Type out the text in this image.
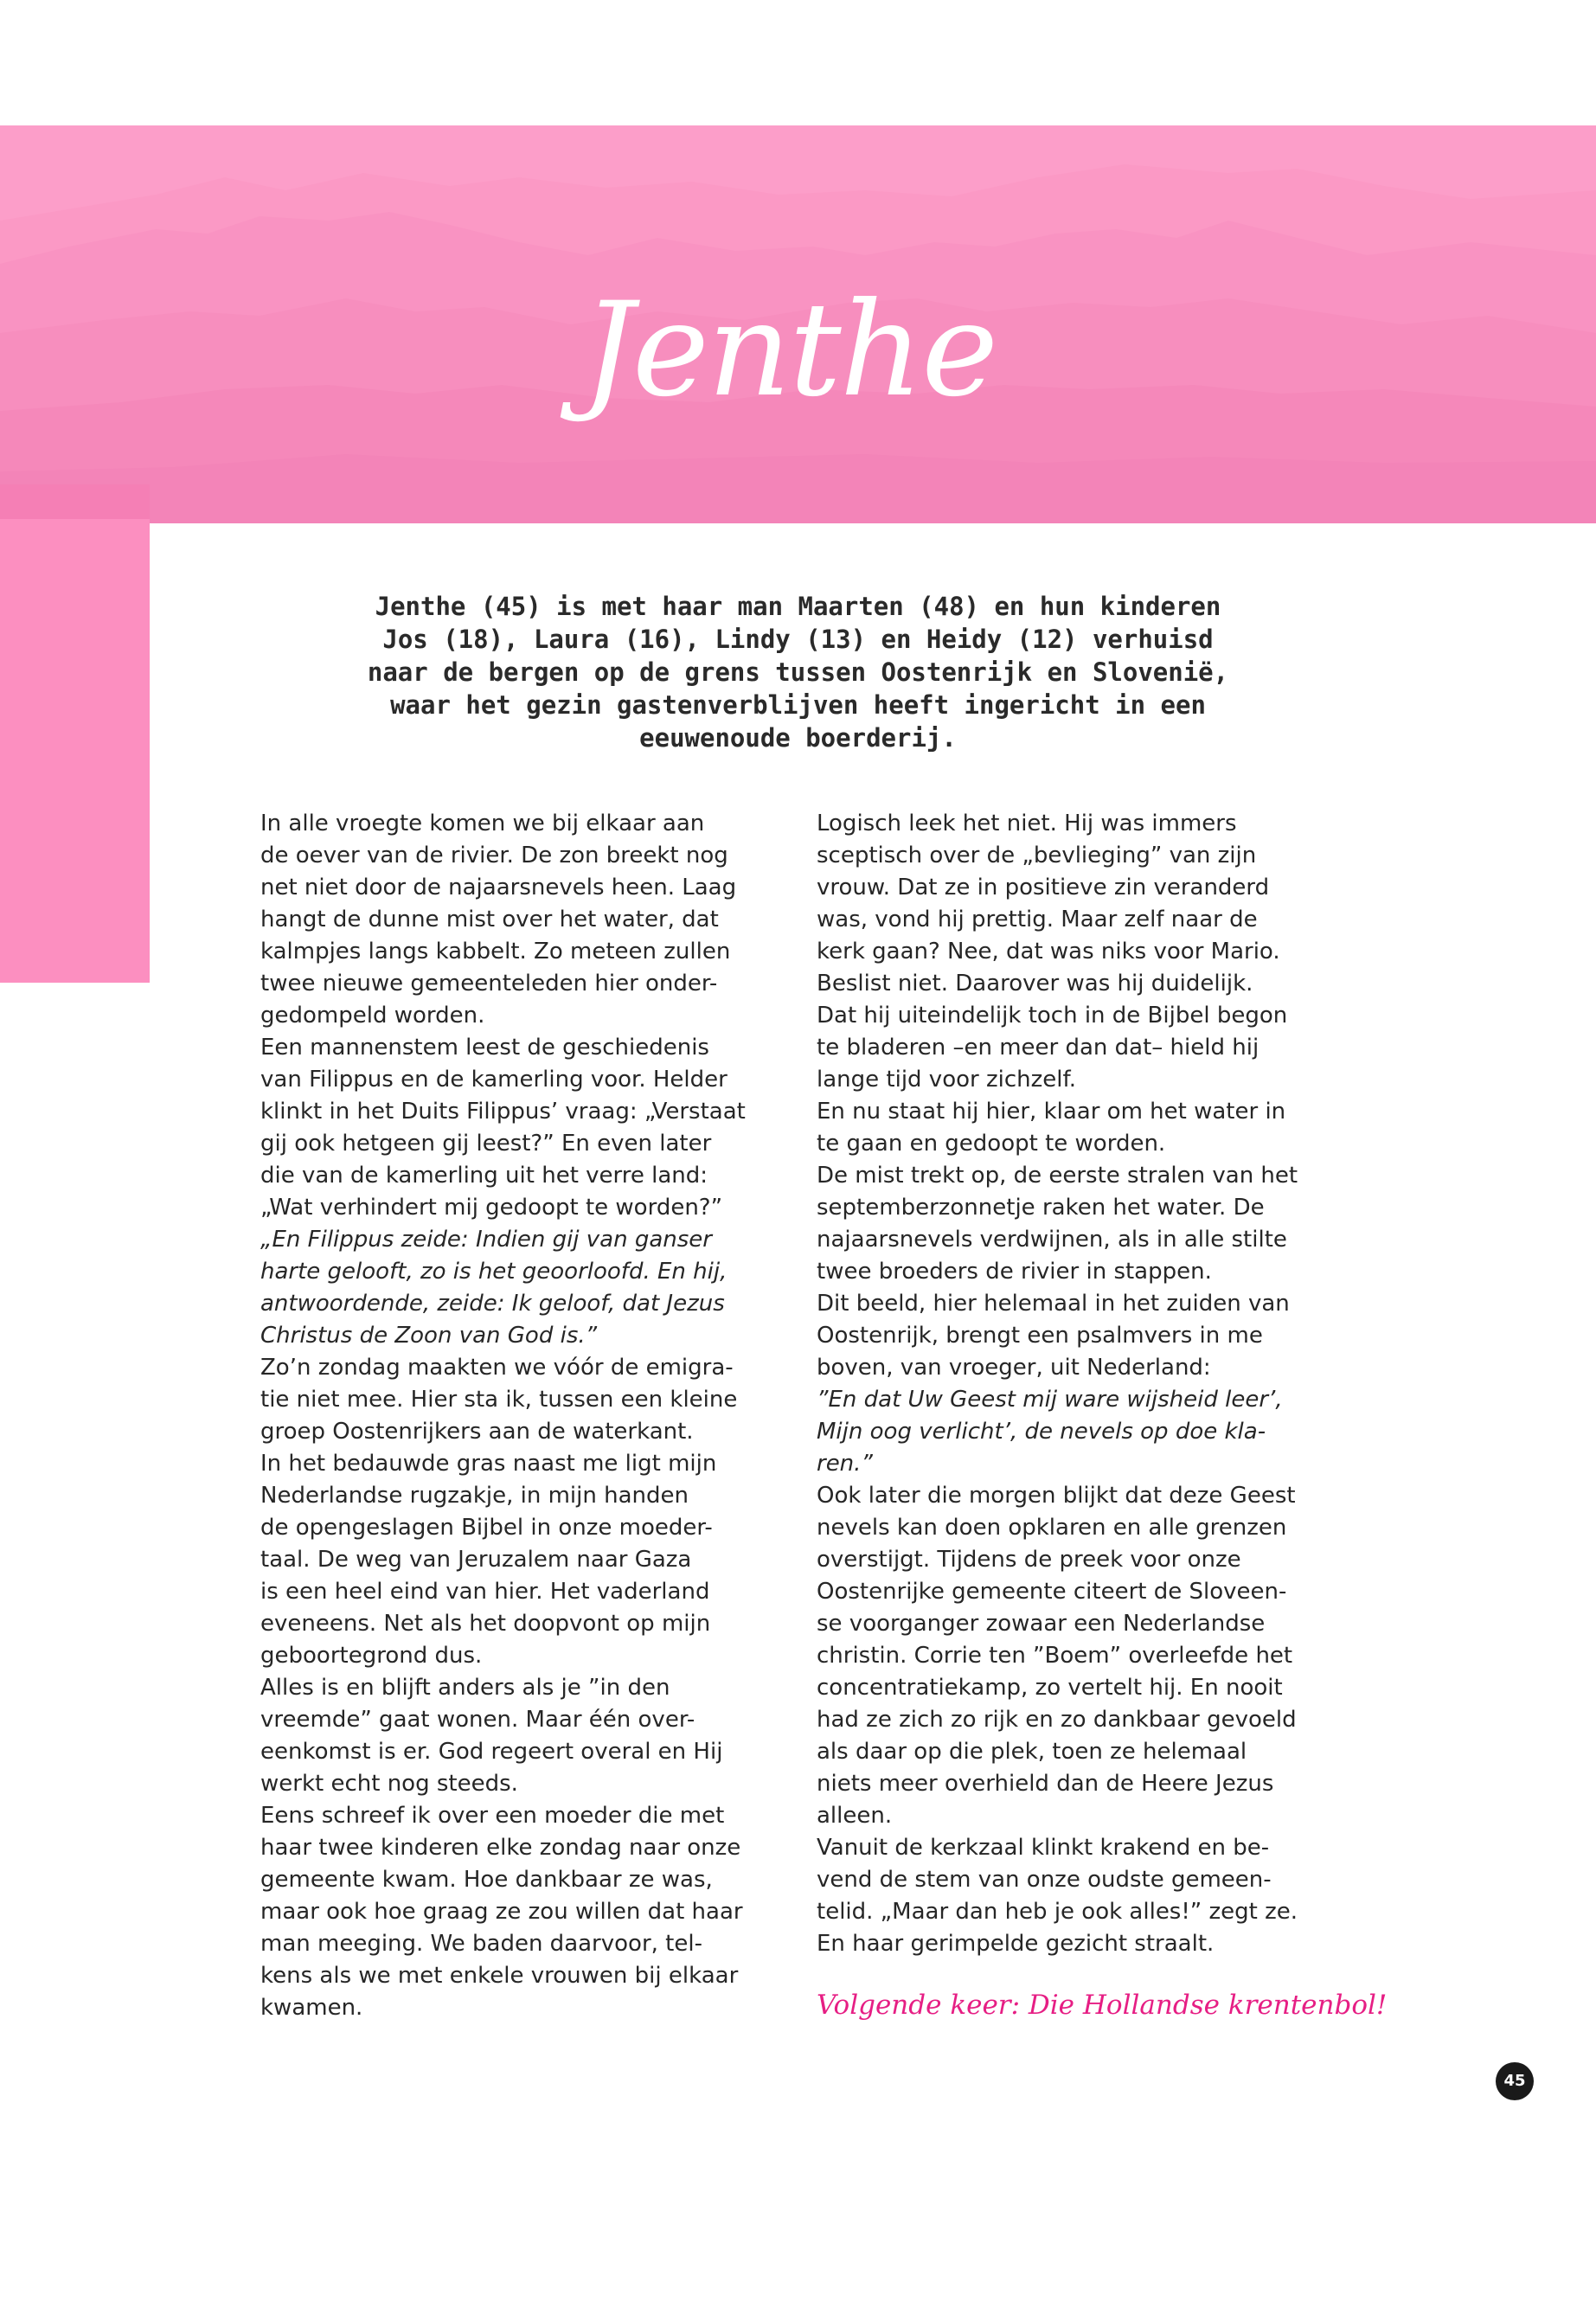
Jenthe
Jenthe (45) is met haar man Maarten (48) en hun kinderen
Jos (18), Laura (16), Lindy (13) en Heidy (12) verhuisd
naar de bergen op de grens tussen Oostenrijk en Slovenië,
waar het gezin gastenverblijven heeft ingericht in een
eeuwenoude boerderij.

In alle vroegte komen we bij elkaar aan
de oever van de rivier. De zon breekt nog
net niet door de najaarsnevels heen. Laag
hangt de dunne mist over het water, dat
kalmpjes langs kabbelt. Zo meteen zullen
twee nieuwe gemeenteleden hier onder-
gedompeld worden.

Een mannenstem leest de geschiedenis
van Filippus en de kamerling voor. Helder
klinkt in het Duits Filippus’ vraag: „Verstaat
gij ook hetgeen gij leest?” En even later
die van de kamerling uit het verre land:
„Wat verhindert mij gedoopt te worden?”

„En Filippus zeide: Indien gij van ganser
harte gelooft, zo is het geoorloofd. En hij,
antwoordende, zeide: Ik geloof, dat Jezus
Christus de Zoon van God is.”

Zo’n zondag maakten we vóór de emigra-
tie niet mee. Hier sta ik, tussen een kleine
groep Oostenrijkers aan de waterkant.

In het bedauwde gras naast me ligt mijn
Nederlandse rugzakje, in mijn handen
de opengeslagen Bijbel in onze moeder-
taal. De weg van Jeruzalem naar Gaza
is een heel eind van hier. Het vaderland
eveneens. Net als het doopvont op mijn
geboortegrond dus.

Alles is en blijft anders als je ”in den
vreemde” gaat wonen. Maar één over-
eenkomst is er. God regeert overal en Hij
werkt echt nog steeds.

Eens schreef ik over een moeder die met
haar twee kinderen elke zondag naar onze
gemeente kwam. Hoe dankbaar ze was,
maar ook hoe graag ze zou willen dat haar
man meeging. We baden daarvoor, tel-
kens als we met enkele vrouwen bij elkaar
kwamen.

Logisch leek het niet. Hij was immers
sceptisch over de „bevlieging” van zijn
vrouw. Dat ze in positieve zin veranderd
was, vond hij prettig. Maar zelf naar de
kerk gaan? Nee, dat was niks voor Mario.
Beslist niet. Daarover was hij duidelijk.

Dat hij uiteindelijk toch in de Bijbel begon
te bladeren –en meer dan dat– hield hij
lange tijd voor zichzelf.

En nu staat hij hier, klaar om het water in
te gaan en gedoopt te worden.

De mist trekt op, de eerste stralen van het
septemberzonnetje raken het water. De
najaarsnevels verdwijnen, als in alle stilte
twee broeders de rivier in stappen.

Dit beeld, hier helemaal in het zuiden van
Oostenrijk, brengt een psalmvers in me
boven, van vroeger, uit Nederland:

”En dat Uw Geest mij ware wijsheid leer’,
Mijn oog verlicht’, de nevels op doe kla-
ren.”

Ook later die morgen blijkt dat deze Geest
nevels kan doen opklaren en alle grenzen
overstijgt. Tijdens de preek voor onze
Oostenrijke gemeente citeert de Sloveen-
se voorganger zowaar een Nederlandse
christin. Corrie ten ”Boem” overleefde het
concentratiekamp, zo vertelt hij. En nooit
had ze zich zo rijk en zo dankbaar gevoeld
als daar op die plek, toen ze helemaal
niets meer overhield dan de Heere Jezus
alleen.

Vanuit de kerkzaal klinkt krakend en be-
vend de stem van onze oudste gemeen-
telid. „Maar dan heb je ook alles!” zegt ze.
En haar gerimpelde gezicht straalt.

Volgende keer: Die Hollandse krentenbol!
45
